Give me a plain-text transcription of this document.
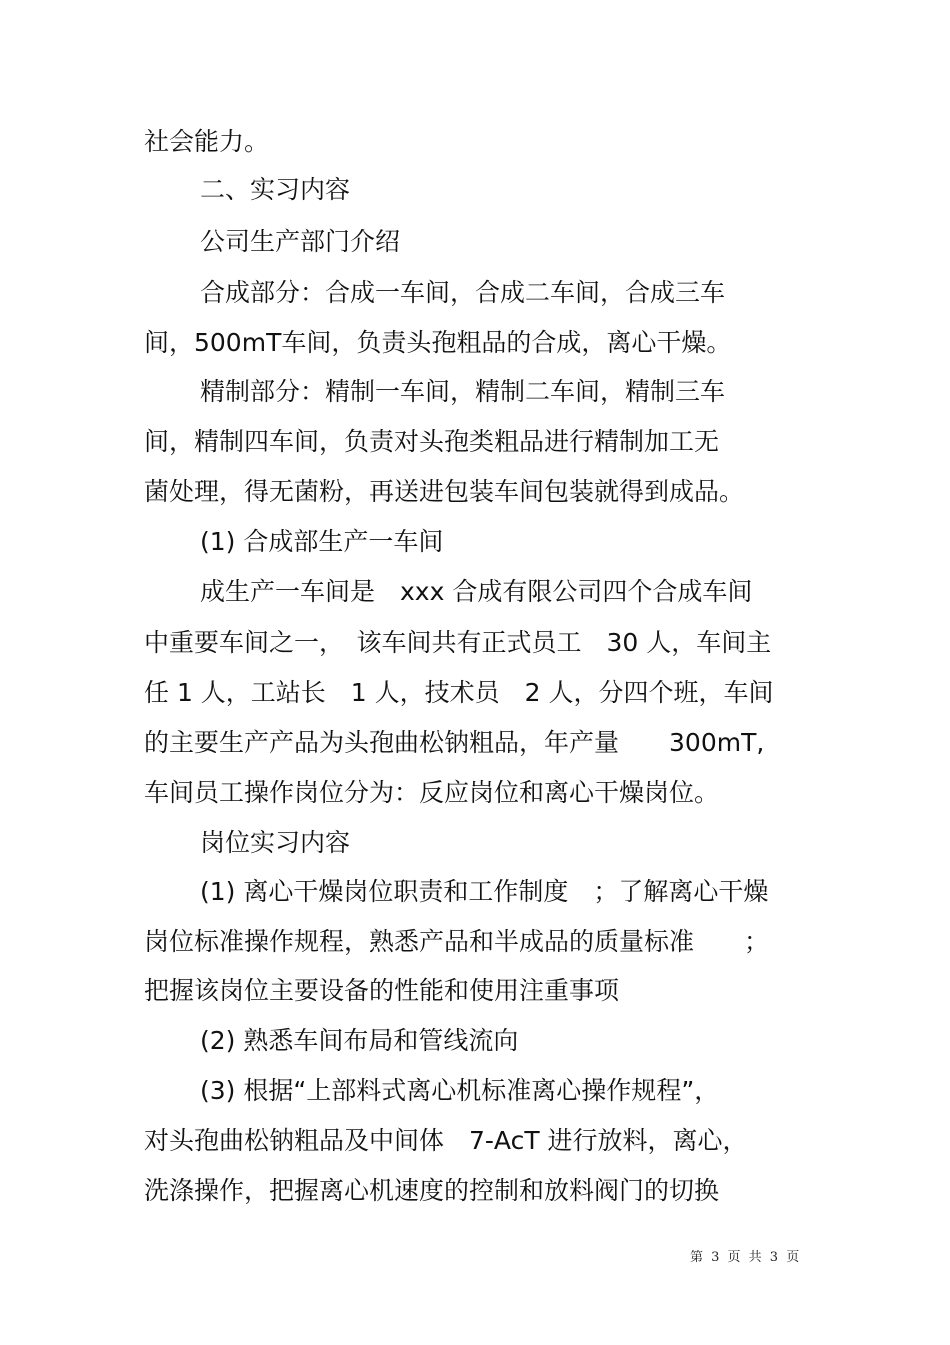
社会能力。
二、实习内容
公司生产部门介绍
合成部分：合成一车间，合成二车间，合成三车
间，500mT车间，负责头孢粗品的合成，离心干燥。
精制部分：精制一车间，精制二车间，精制三车
间，精制四车间，负责对头孢类粗品进行精制加工无
菌处理，得无菌粉，再送进包装车间包装就得到成品。
(1) 合成部生产一车间
成生产一车间是　xxx 合成有限公司四个合成车间
中重要车间之一，　该车间共有正式员工　30 人，车间主
任 1 人，工站长　1 人，技术员　2 人，分四个班，车间
的主要生产产品为头孢曲松钠粗品，年产量　　300mT,
车间员工操作岗位分为：反应岗位和离心干燥岗位。
岗位实习内容
(1) 离心干燥岗位职责和工作制度　；了解离心干燥
岗位标准操作规程，熟悉产品和半成品的质量标准　　；
把握该岗位主要设备的性能和使用注重事项
(2) 熟悉车间布局和管线流向
(3) 根据“上部料式离心机标准离心操作规程”，
对头孢曲松钠粗品及中间体　7-AcT 进行放料，离心，
洗涤操作，把握离心机速度的控制和放料阀门的切换
第 3 页 共 3 页
